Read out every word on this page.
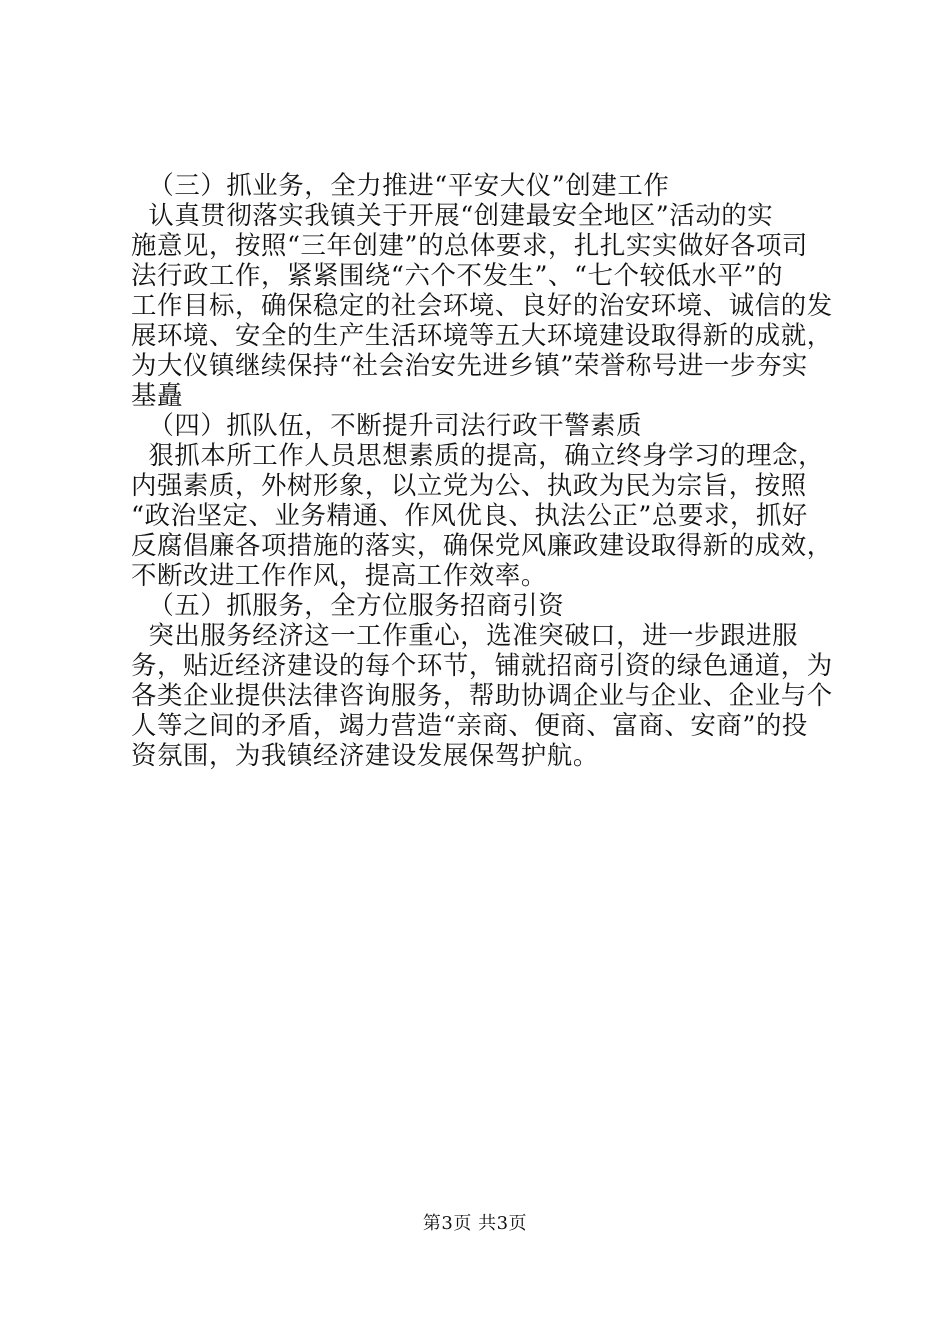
（三）抓业务，全力推进“平安大仪”创建工作
认真贯彻落实我镇关于开展“创建最安全地区”活动的实
施意见，按照“三年创建”的总体要求，扎扎实实做好各项司
法行政工作，紧紧围绕“六个不发生”、“七个较低水平”的
工作目标，确保稳定的社会环境、良好的治安环境、诚信的发
展环境、安全的生产生活环境等五大环境建设取得新的成就，
为大仪镇继续保持“社会治安先进乡镇”荣誉称号进一步夯实
基矗
（四）抓队伍，不断提升司法行政干警素质
狠抓本所工作人员思想素质的提高，确立终身学习的理念，
内强素质，外树形象，以立党为公、执政为民为宗旨，按照
“政治坚定、业务精通、作风优良、执法公正”总要求，抓好
反腐倡廉各项措施的落实，确保党风廉政建设取得新的成效，
不断改进工作作风，提高工作效率。
（五）抓服务，全方位服务招商引资
突出服务经济这一工作重心，选准突破口，进一步跟进服
务，贴近经济建设的每个环节，铺就招商引资的绿色通道，为
各类企业提供法律咨询服务，帮助协调企业与企业、企业与个
人等之间的矛盾，竭力营造“亲商、便商、富商、安商”的投
资氛围，为我镇经济建设发展保驾护航。
第3页 共3页
